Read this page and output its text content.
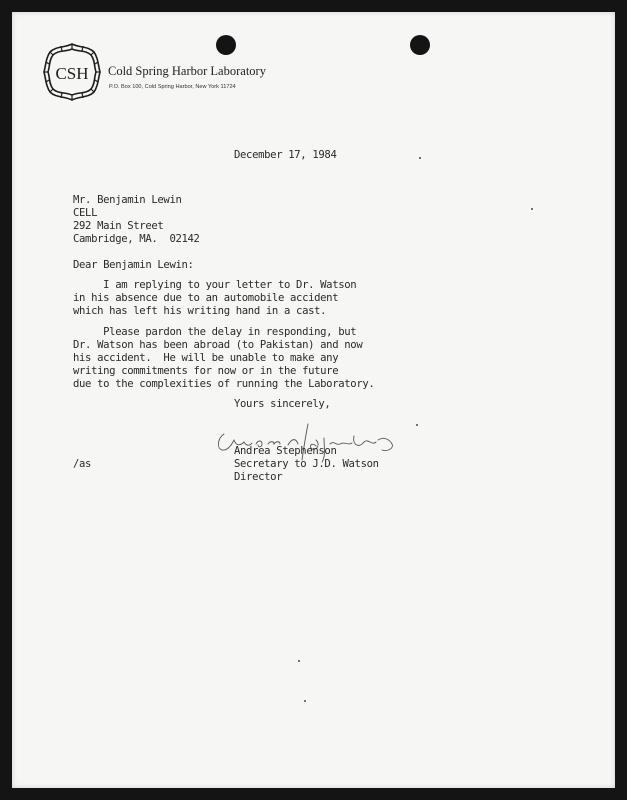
CSH Cold Spring Harbor Laboratory
P.O. Box 100, Cold Spring Harbor, New York 11724
December 17, 1984
Mr. Benjamin Lewin
CELL
292 Main Street
Cambridge, MA.  02142
Dear Benjamin Lewin:
I am replying to your letter to Dr. Watson
in his absence due to an automobile accident
which has left his writing hand in a cast.
Please pardon the delay in responding, but
Dr. Watson has been abroad (to Pakistan) and now
his accident.  He will be unable to make any
writing commitments for now or in the future
due to the complexities of running the Laboratory.
Yours sincerely,
Andrea Stephenson
Secretary to J.D. Watson
Director
/as
